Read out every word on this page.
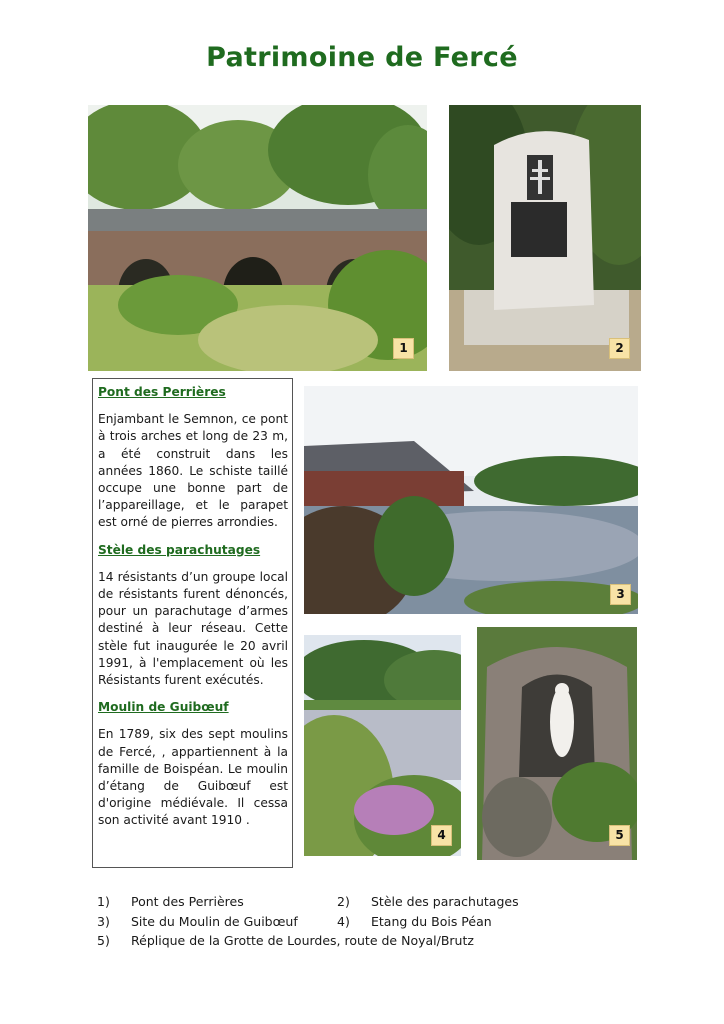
Patrimoine de Fercé
1	2
Pont des Perrières

Enjambant le Semnon, ce pont à trois arches et long de 23 m, a été construit dans les années 1860. Le schiste taillé occupe une bonne part de l’appareillage, et le parapet est orné de pierres arrondies.

Stèle des parachutages

14 résistants d’un groupe local de résistants furent dénoncés, pour un parachutage d’armes destiné à leur réseau. Cette stèle fut inaugurée le 20 avril 1991, à l'emplacement où les Résistants furent exécutés.

Moulin de Guibœuf

En 1789, six des sept moulins de Fercé, , appartiennent à la famille de Boispéan. Le moulin d’étang de Guibœuf est d'origine médiévale. Il cessa son activité avant 1910 .

3
4	5
1)	Pont des Perrières	2)	Stèle des parachutages
3)	Site du Moulin de Guibœuf	4)	Etang du Bois Péan
5)	Réplique de la Grotte de Lourdes, route de Noyal/Brutz
